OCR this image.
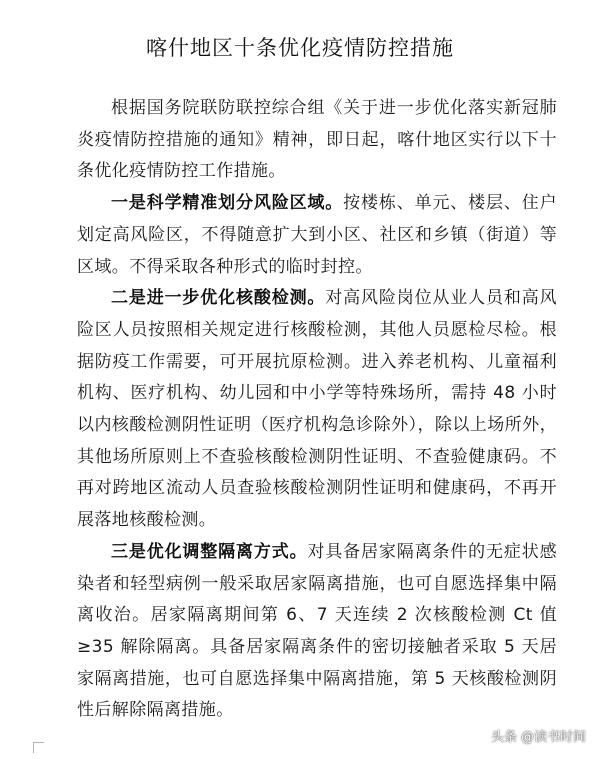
喀什地区十条优化疫情防控措施

根据国务院联防联控综合组《关于进一步优化落实新冠肺炎疫情防控措施的通知》精神，即日起，喀什地区实行以下十条优化疫情防控工作措施。

一是科学精准划分风险区域。按楼栋、单元、楼层、住户划定高风险区，不得随意扩大到小区、社区和乡镇（街道）等区域。不得采取各种形式的临时封控。

二是进一步优化核酸检测。对高风险岗位从业人员和高风险区人员按照相关规定进行核酸检测，其他人员愿检尽检。根据防疫工作需要，可开展抗原检测。进入养老机构、儿童福利机构、医疗机构、幼儿园和中小学等特殊场所，需持 48 小时以内核酸检测阴性证明（医疗机构急诊除外），除以上场所外，其他场所原则上不查验核酸检测阴性证明、不查验健康码。不再对跨地区流动人员查验核酸检测阴性证明和健康码，不再开展落地核酸检测。

三是优化调整隔离方式。对具备居家隔离条件的无症状感染者和轻型病例一般采取居家隔离措施，也可自愿选择集中隔离收治。居家隔离期间第 6、7 天连续 2 次核酸检测 Ct 值≥35 解除隔离。具备居家隔离条件的密切接触者采取 5 天居家隔离措施，也可自愿选择集中隔离措施，第 5 天核酸检测阴性后解除隔离措施。

头条 @读书时间
